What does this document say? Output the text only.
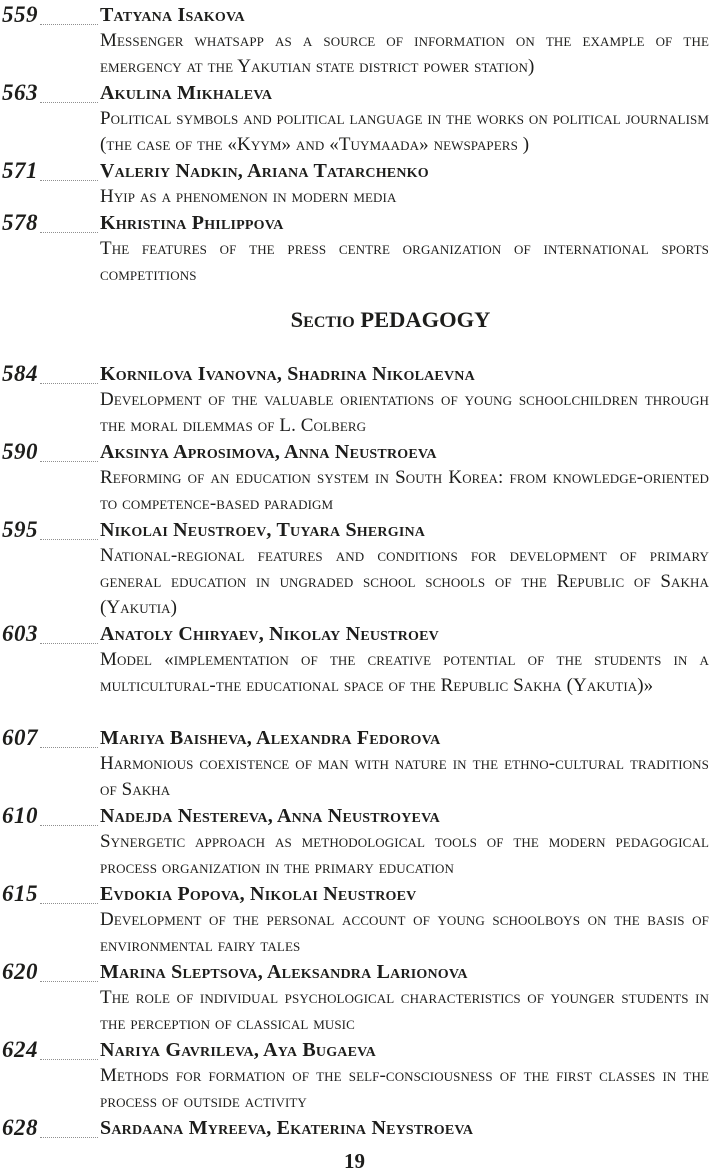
559	Tatyana Isakova
Messenger whatsapp as a source of information on the example of the emergency at the Yakutian state district power station)
563	Akulina Mikhaleva
Political symbols and political language in the works on political journalism (the case of the «Kyym» and «Tuymaada» newspapers )
571	Valeriy Nadkin, Ariana Tatarchenko
Hyip as a phenomenon in modern media
578	Khristina Philippova
The features of the press centre organization of international sports competitions
Sectio PEDAGOGY
584	Kornilova Ivanovna, Shadrina Nikolaevna
Development of the valuable orientations of young schoolchildren through the moral dilemmas of L. Colberg
590	Aksinya Aprosimova, Anna Neustroeva
Reforming of an education system in South Korea: from knowledge-oriented to competence-based paradigm
595	Nikolai Neustroev, Tuyara Shergina
National-regional features and conditions for development of primary general education in ungraded school schools of the Republic of Sakha (Yakutia)
603	Anatoly Chiryaev, Nikolay Neustroev
Model «implementation of the creative potential of the students in a multicultural-the educational space of the Republic Sakha (Yakutia)»
607	Mariya Baisheva, Alexandra Fedorova
Harmonious coexistence of man with nature in the ethno-cultural traditions of Sakha
610	Nadejda Nestereva, Anna Neustroyeva
Synergetic approach as methodological tools of the modern pedagogical process organization in the primary education
615	Evdokia Popova, Nikolai Neustroev
Development of the personal account of young schoolboys on the basis of environmental fairy tales
620	Marina Sleptsova, Aleksandra Larionova
The role of individual psychological characteristics of younger students in the perception of classical music
624	Nariya Gavrileva, Aya Bugaeva
Methods for formation of the self-consciousness of the first classes in the process of outside activity
628	Sardaana Myreeva, Ekaterina Neystroeva
19
